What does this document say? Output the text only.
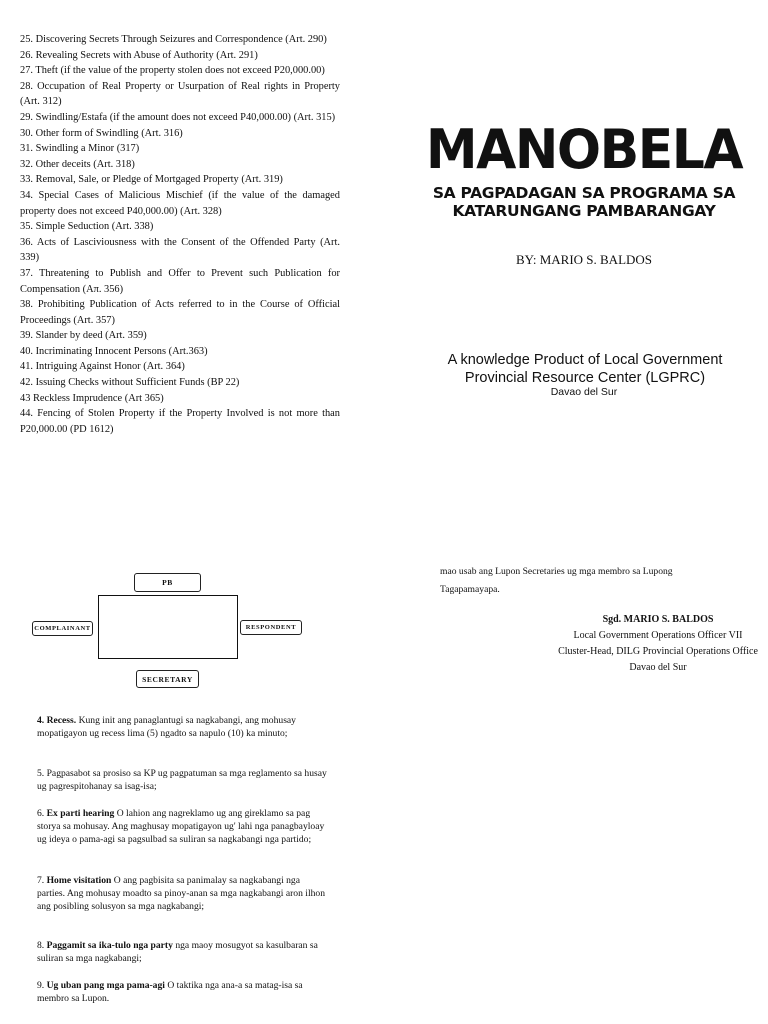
25. Discovering Secrets Through Seizures and Correspondence (Art. 290)
26. Revealing Secrets with Abuse of Authority (Art. 291)
27. Theft (if the value of the property stolen does not exceed P20,000.00)
28. Occupation of Real Property or Usurpation of Real rights in Property (Art. 312)
29. Swindling/Estafa (if the amount does not exceed P40,000.00) (Art. 315)
30. Other form of Swindling (Art. 316)
31. Swindling a Minor (317)
32. Other deceits (Art. 318)
33. Removal, Sale, or Pledge of Mortgaged Property (Art. 319)
34. Special Cases of Malicious Mischief (if the value of the damaged property does not exceed P40,000.00) (Art. 328)
35. Simple Seduction (Art. 338)
36. Acts of Lasciviousness with the Consent of the Offended Party (Art. 339)
37. Threatening to Publish and Offer to Prevent such Publication for Compensation (Aπ. 356)
38. Prohibiting Publication of Acts referred to in the Course of Official Proceedings (Art. 357)
39. Slander by deed (Art. 359)
40. Incriminating Innocent Persons (Art.363)
41. Intriguing Against Honor (Art. 364)
42. Issuing Checks without Sufficient Funds (BP 22)
43 Reckless Imprudence (Art 365)
44. Fencing of Stolen Property if the Property Involved is not more than P20,000.00 (PD 1612)
MANOBELA
SA PAGPADAGAN SA PROGRAMA SA
KATARUNGANG PAMBARANGAY
BY: MARIO S. BALDOS
A knowledge Product of Local Government
Provincial Resource Center (LGPRC)
Davao del Sur
PB
COMPLAINANT	RESPONDENT
SECRETARY
4. Recess. Kung init ang panaglantugi sa nagkabangi, ang mohusay mopatigayon ug recess lima (5) ngadto sa napulo (10) ka minuto;
5. Pagpasabot sa prosiso sa KP ug pagpatuman sa mga reglamento sa husay ug pagrespitohanay sa isag-isa;
6. Ex parti hearing O lahion ang nagreklamo ug ang gireklamo sa pag storya sa mohusay. Ang maghusay mopatigayon ug' lahi nga panagbayloay ug ideya o pama-agi sa pagsulbad sa suliran sa nagkabangi nga partido;
7. Home visitation O ang pagbisita sa panimalay sa nagkabangi nga parties. Ang mohusay moadto sa pinoy-anan sa mga nagkabangi aron ilhon ang posibling solusyon sa mga nagkabangi;
8. Paggamit sa ika-tulo nga party nga maoy mosugyot sa kasulbaran sa suliran sa mga nagkabangi;
9. Ug uban pang mga pama-agi O taktika nga ana-a sa matag-isa sa membro sa Lupon.
mao usab ang Lupon Secretaries ug mga membro sa Lupong
Tagapamayapa.
Sgd. MARIO S. BALDOS
Local Government Operations Officer VII
Cluster-Head, DILG Provincial Operations Office
Davao del Sur
